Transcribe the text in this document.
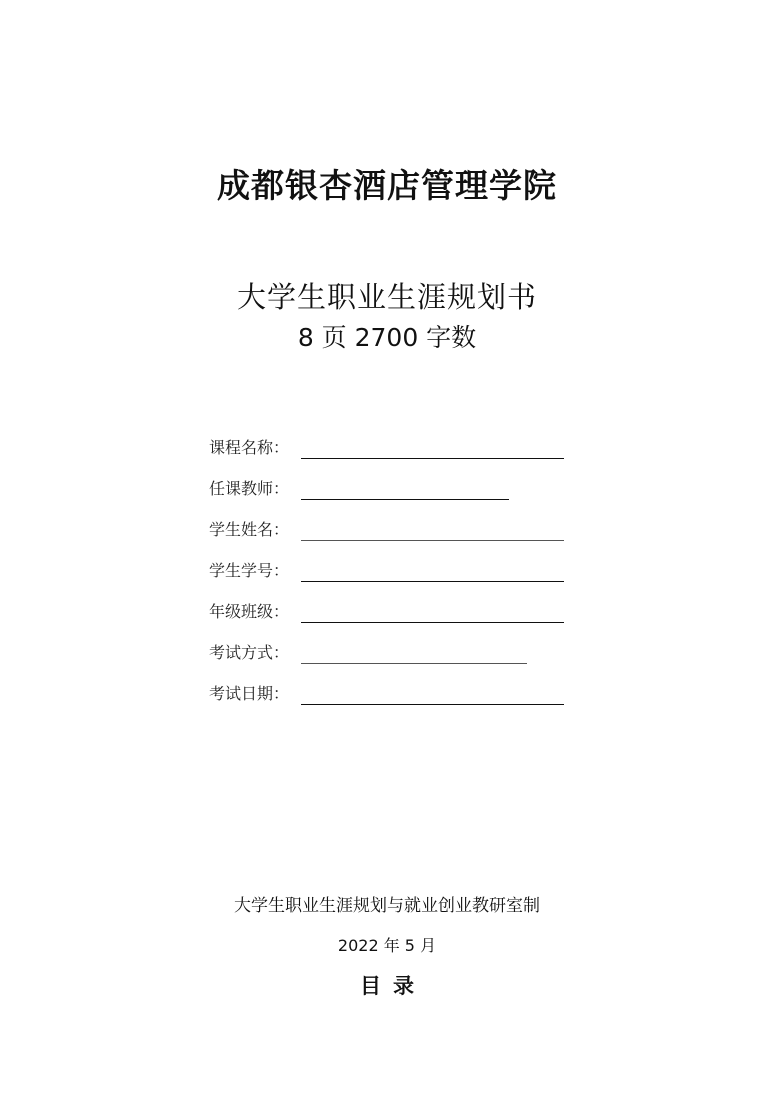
成都银杏酒店管理学院
大学生职业生涯规划书
8 页 2700 字数
课程名称：
任课教师：
学生姓名：
学生学号：
年级班级：
考试方式：
考试日期：
大学生职业生涯规划与就业创业教研室制
2022 年 5 月
目录
